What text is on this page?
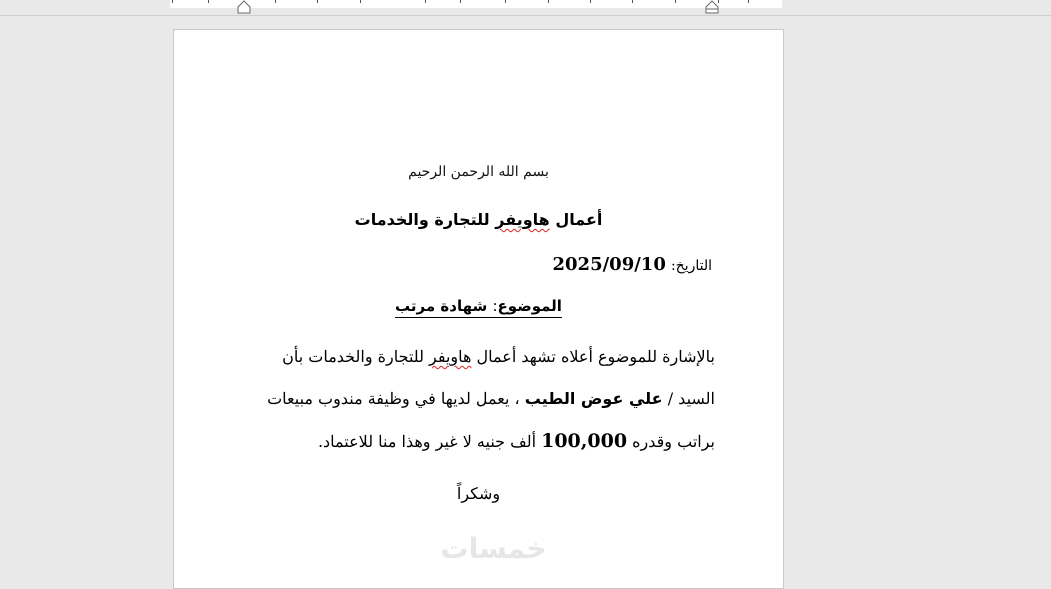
بسم الله الرحمن الرحيم
أعمال هاويفر للتجارة والخدمات
التاريخ: 2025/09/10
الموضوع: شهادة مرتب
بالإشارة للموضوع أعلاه تشهد أعمال هاويفر للتجارة والخدمات بأن
السيد / علي عوض الطيب ، يعمل لديها في وظيفة مندوب مبيعات
براتب وقدره 100,000 ألف جنيه لا غير وهذا منا للاعتماد.
وشكراً
خمسات
